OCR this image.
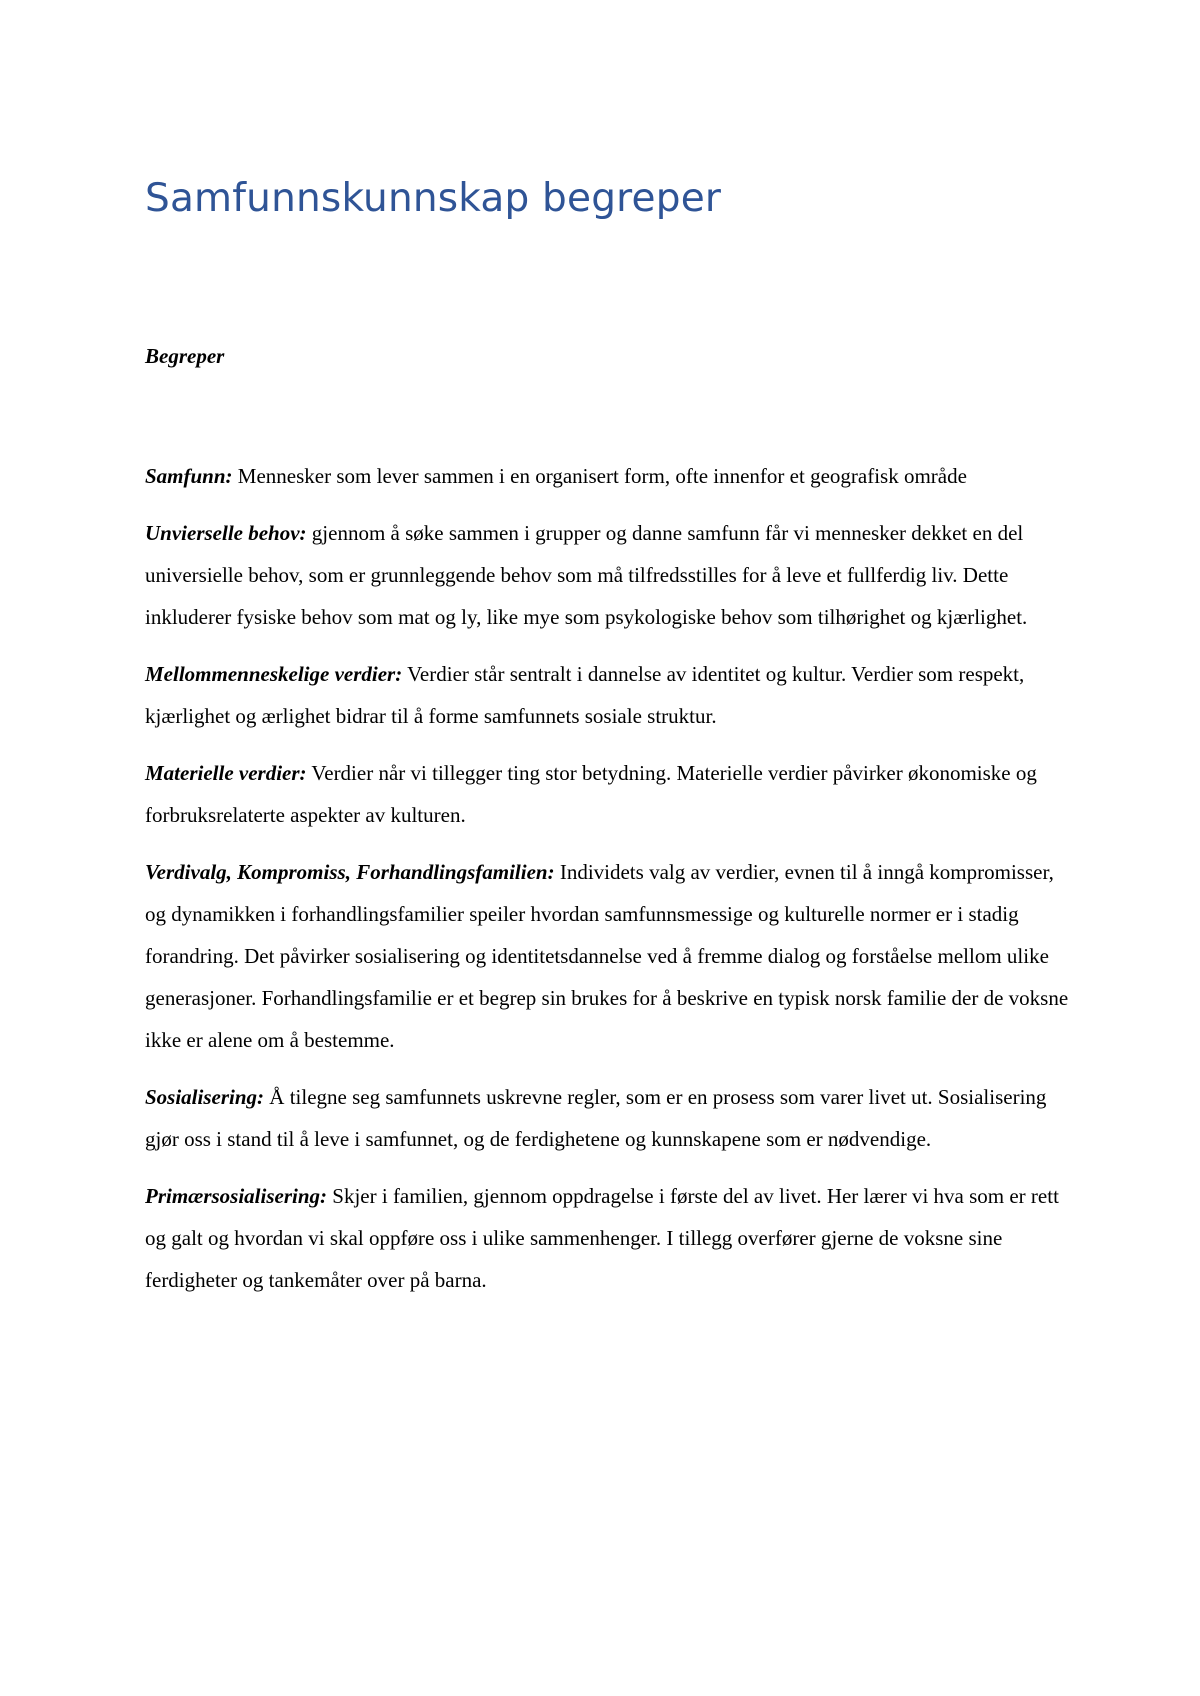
Samfunnskunnskap begreper
Begreper

Samfunn: Mennesker som lever sammen i en organisert form, ofte innenfor et geografisk område

Unvierselle behov: gjennom å søke sammen i grupper og danne samfunn får vi mennesker dekket en del universielle behov, som er grunnleggende behov som må tilfredsstilles for å leve et fullferdig liv. Dette inkluderer fysiske behov som mat og ly, like mye som psykologiske behov som tilhørighet og kjærlighet.

Mellommenneskelige verdier: Verdier står sentralt i dannelse av identitet og kultur. Verdier som respekt, kjærlighet og ærlighet bidrar til å forme samfunnets sosiale struktur.

Materielle verdier: Verdier når vi tillegger ting stor betydning. Materielle verdier påvirker økonomiske og forbruksrelaterte aspekter av kulturen.

Verdivalg, Kompromiss, Forhandlingsfamilien: Individets valg av verdier, evnen til å inngå kompromisser, og dynamikken i forhandlingsfamilier speiler hvordan samfunnsmessige og kulturelle normer er i stadig forandring. Det påvirker sosialisering og identitetsdannelse ved å fremme dialog og forståelse mellom ulike generasjoner. Forhandlingsfamilie er et begrep sin brukes for å beskrive en typisk norsk familie der de voksne ikke er alene om å bestemme.

Sosialisering: Å tilegne seg samfunnets uskrevne regler, som er en prosess som varer livet ut. Sosialisering gjør oss i stand til å leve i samfunnet, og de ferdighetene og kunnskapene som er nødvendige.

Primærsosialisering: Skjer i familien, gjennom oppdragelse i første del av livet. Her lærer vi hva som er rett og galt og hvordan vi skal oppføre oss i ulike sammenhenger. I tillegg overfører gjerne de voksne sine ferdigheter og tankemåter over på barna.
